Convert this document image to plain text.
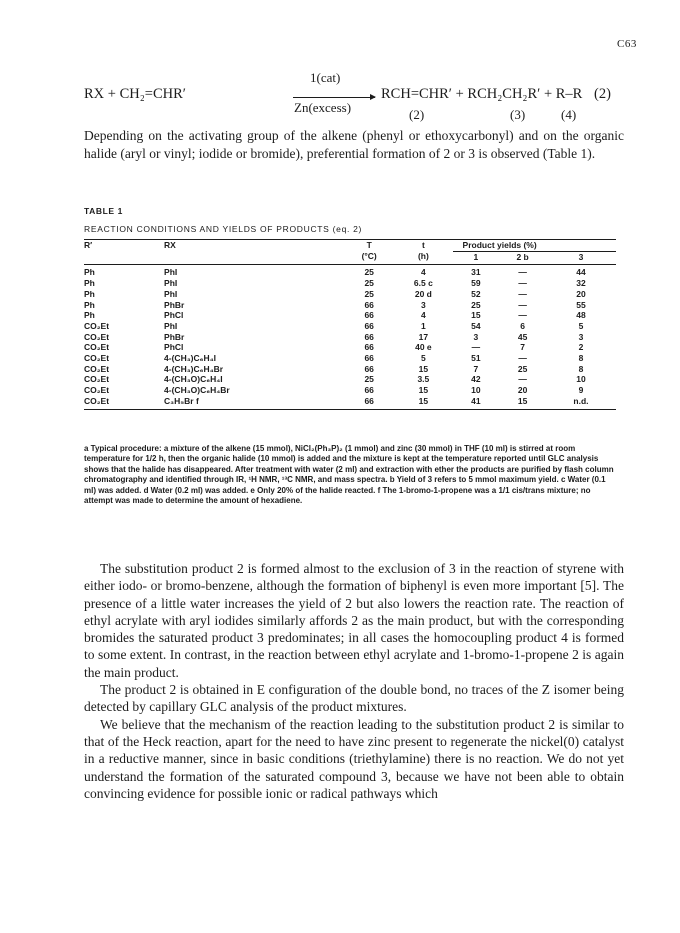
C63
RX + CH₂=CHR′
1(cat)
Zn(excess)
RCH=CHR′ + RCH₂CH₂R′ + R–R (2)
(2)	(3)	(4)
Depending on the activating group of the alkene (phenyl or ethoxycarbonyl) and on the organic halide (aryl or vinyl; iodide or bromide), preferential formation of 2 or 3 is observed (Table 1).
TABLE 1
REACTION CONDITIONS AND YIELDS OF PRODUCTS (eq. 2)
R′	RX	T	t	Product yields (%)		
		(°C)	(h)	1	2 b	3
Ph	PhI	25	4	31	—	44
Ph	PhI	25	6.5 c	59	—	32
Ph	PhI	25	20 d	52	—	20
Ph	PhBr	66	3	25	—	55
Ph	PhCl	66	4	15	—	48
CO₂Et	PhI	66	1	54	6	5
CO₂Et	PhBr	66	17	3	45	3
CO₂Et	PhCl	66	40 e	—	7	2
CO₂Et	4-(CH₃)C₆H₄I	66	5	51	—	8
CO₂Et	4-(CH₃)C₆H₄Br	66	15	7	25	8
CO₂Et	4-(CH₃O)C₆H₄I	25	3.5	42	—	10
CO₂Et	4-(CH₃O)C₆H₄Br	66	15	10	20	9
CO₂Et	C₃H₅Br f	66	15	41	15	n.d.
a Typical procedure: a mixture of the alkene (15 mmol), NiCl₂(Ph₃P)₂ (1 mmol) and zinc (30 mmol) in THF (10 ml) is stirred at room temperature for 1/2 h, then the organic halide (10 mmol) is added and the mixture is kept at the temperature reported until GLC analysis shows that the halide has disappeared. After treatment with water (2 ml) and extraction with ether the products are purified by flash column chromatography and identified through IR, ¹H NMR, ¹³C NMR, and mass spectra. b Yield of 3 refers to 5 mmol maximum yield. c Water (0.1 ml) was added. d Water (0.2 ml) was added. e Only 20% of the halide reacted. f The 1-bromo-1-propene was a 1/1 cis/trans mixture; no attempt was made to determine the amount of hexadiene.

The substitution product 2 is formed almost to the exclusion of 3 in the reaction of styrene with either iodo- or bromo-benzene, although the formation of biphenyl is even more important [5]. The presence of a little water increases the yield of 2 but also lowers the reaction rate. The reaction of ethyl acrylate with aryl iodides similarly affords 2 as the main product, but with the corresponding bromides the saturated product 3 predominates; in all cases the homocoupling product 4 is formed to some extent. In contrast, in the reaction between ethyl acrylate and 1-bromo-1-propene 2 is again the main product.

The product 2 is obtained in E configuration of the double bond, no traces of the Z isomer being detected by capillary GLC analysis of the product mixtures.

We believe that the mechanism of the reaction leading to the substitution product 2 is similar to that of the Heck reaction, apart for the need to have zinc present to regenerate the nickel(0) catalyst in a reductive manner, since in basic conditions (triethylamine) there is no reaction. We do not yet understand the formation of the saturated compound 3, because we have not been able to obtain convincing evidence for possible ionic or radical pathways which
